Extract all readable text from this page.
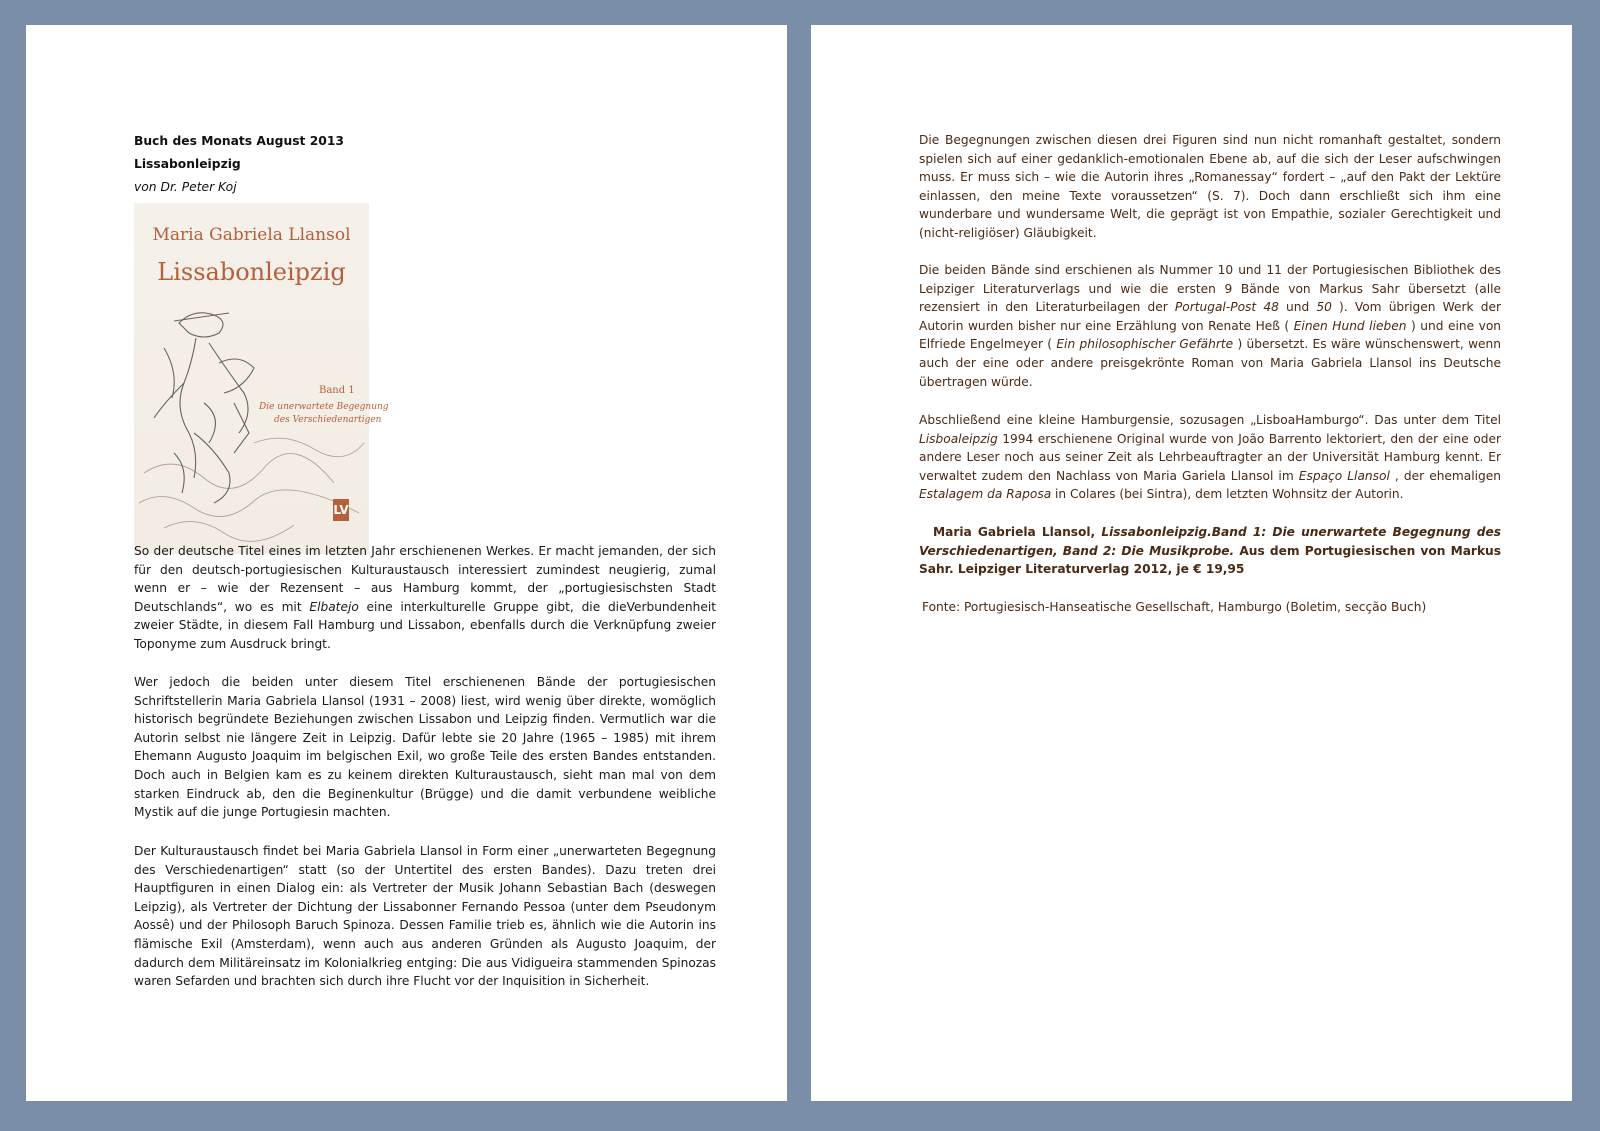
Buch des Monats August 2013
Lissabonleipzig
von Dr. Peter Koj
Maria Gabriela Llansol
Lissabonleipzig
Band 1
Die unerwartete Begegnung
des Verschiedenartigen
LV
So der deutsche Titel eines im letzten Jahr erschienenen Werkes. Er macht jemanden, der sich für den deutsch-portugiesischen Kulturaustausch interessiert zumindest neugierig, zumal wenn er – wie der Rezensent – aus Hamburg kommt, der „portugiesischsten Stadt Deutschlands“, wo es mit Elbatejo eine interkulturelle Gruppe gibt, die dieVerbundenheit zweier Städte, in diesem Fall Hamburg und Lissabon, ebenfalls durch die Verknüpfung zweier Toponyme zum Ausdruck bringt.
Wer jedoch die beiden unter diesem Titel erschienenen Bände der portugiesischen Schriftstellerin Maria Gabriela Llansol (1931 – 2008) liest, wird wenig über direkte, womöglich historisch begründete Beziehungen zwischen Lissabon und Leipzig finden. Vermutlich war die Autorin selbst nie längere Zeit in Leipzig. Dafür lebte sie 20 Jahre (1965 – 1985) mit ihrem Ehemann Augusto Joaquim im belgischen Exil, wo große Teile des ersten Bandes entstanden. Doch auch in Belgien kam es zu keinem direkten Kulturaustausch, sieht man mal von dem starken Eindruck ab, den die Beginenkultur (Brügge) und die damit verbundene weibliche Mystik auf die junge Portugiesin machten.
Der Kulturaustausch findet bei Maria Gabriela Llansol in Form einer „unerwarteten Begegnung des Verschiedenartigen“ statt (so der Untertitel des ersten Bandes). Dazu treten drei Hauptfiguren in einen Dialog ein: als Vertreter der Musik Johann Sebastian Bach (deswegen Leipzig), als Vertreter der Dichtung der Lissabonner Fernando Pessoa (unter dem Pseudonym Aossê) und der Philosoph Baruch Spinoza. Dessen Familie trieb es, ähnlich wie die Autorin ins flämische Exil (Amsterdam), wenn auch aus anderen Gründen als Augusto Joaquim, der dadurch dem Militäreinsatz im Kolonialkrieg entging: Die aus Vidigueira stammenden Spinozas waren Sefarden und brachten sich durch ihre Flucht vor der Inquisition in Sicherheit.
Die Begegnungen zwischen diesen drei Figuren sind nun nicht romanhaft gestaltet, sondern spielen sich auf einer gedanklich-emotionalen Ebene ab, auf die sich der Leser aufschwingen muss. Er muss sich – wie die Autorin ihres „Romanessay“ fordert – „auf den Pakt der Lektüre einlassen, den meine Texte voraussetzen“ (S. 7). Doch dann erschließt sich ihm eine wunderbare und wundersame Welt, die geprägt ist von Empathie, sozialer Gerechtigkeit und (nicht-religiöser) Gläubigkeit.
Die beiden Bände sind erschienen als Nummer 10 und 11 der Portugiesischen Bibliothek des Leipziger Literaturverlags und wie die ersten 9 Bände von Markus Sahr übersetzt (alle rezensiert in den Literaturbeilagen der Portugal-Post 48 und 50 ). Vom übrigen Werk der Autorin wurden bisher nur eine Erzählung von Renate Heß ( Einen Hund lieben ) und eine von Elfriede Engelmeyer ( Ein philosophischer Gefährte ) übersetzt. Es wäre wünschenswert, wenn auch der eine oder andere preisgekrönte Roman von Maria Gabriela Llansol ins Deutsche übertragen würde.
Abschließend eine kleine Hamburgensie, sozusagen „LisboaHamburgo“. Das unter dem Titel Lisboaleipzig 1994 erschienene Original wurde von João Barrento lektoriert, den der eine oder andere Leser noch aus seiner Zeit als Lehrbeauftragter an der Universität Hamburg kennt. Er verwaltet zudem den Nachlass von Maria Gariela Llansol im Espaço Llansol , der ehemaligen Estalagem da Raposa in Colares (bei Sintra), dem letzten Wohnsitz der Autorin.
Maria Gabriela Llansol, Lissabonleipzig.Band 1: Die unerwartete Begegnung des Verschiedenartigen, Band 2: Die Musikprobe. Aus dem Portugiesischen von Markus Sahr. Leipziger Literaturverlag 2012, je € 19,95
Fonte: Portugiesisch-Hanseatische Gesellschaft, Hamburgo (Boletim, secção Buch)
